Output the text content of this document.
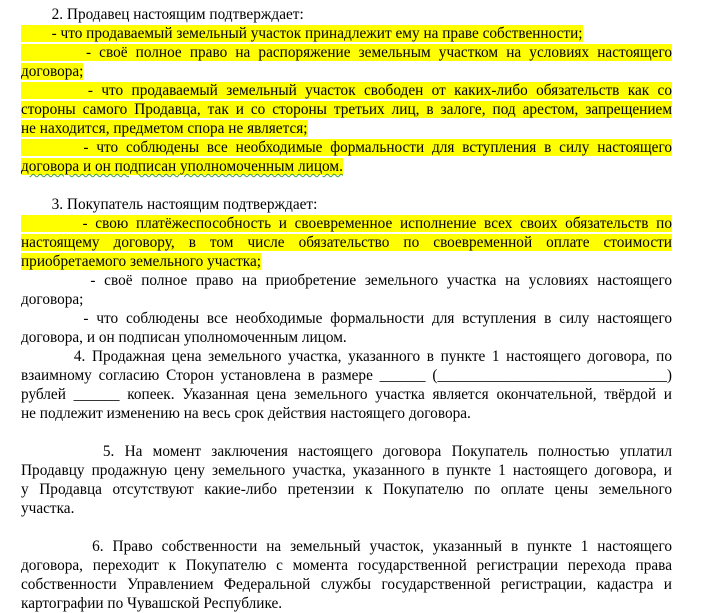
2. Продавец настоящим подтверждает:
- что продаваемый земельный участок принадлежит ему на праве собственности;
- своё полное право на распоряжение земельным участком на условиях настоящего
договора;
- что продаваемый земельный участок свободен от каких-либо обязательств как со
стороны самого Продавца, так и со стороны третьих лиц, в залоге, под арестом, запрещением
не находится, предметом спора не является;
- что соблюдены все необходимые формальности для вступления в силу настоящего
договора и он подписан уполномоченным лицом.
3. Покупатель настоящим подтверждает:
- свою платёжеспособность и своевременное исполнение всех своих обязательств по
настоящему договору, в том числе обязательство по своевременной оплате стоимости
приобретаемого земельного участка;
- своё полное право на приобретение земельного участка на условиях настоящего
договора;
- что соблюдены все необходимые формальности для вступления в силу настоящего
договора, и он подписан уполномоченным лицом.
4. Продажная цена земельного участка, указанного в пункте 1 настоящего договора, по
взаимному согласию Сторон установлена в размере ______ (______________________________)
рублей ______ копеек. Указанная цена земельного участка является окончательной, твёрдой и
не подлежит изменению на весь срок действия настоящего договора.
5. На момент заключения настоящего договора Покупатель полностью уплатил
Продавцу продажную цену земельного участка, указанного в пункте 1 настоящего договора, и
у Продавца отсутствуют какие-либо претензии к Покупателю по оплате цены земельного
участка.
6. Право собственности на земельный участок, указанный в пункте 1 настоящего
договора, переходит к Покупателю с момента государственной регистрации перехода права
собственности Управлением Федеральной службы государственной регистрации, кадастра и
картографии по Чувашской Республике.
